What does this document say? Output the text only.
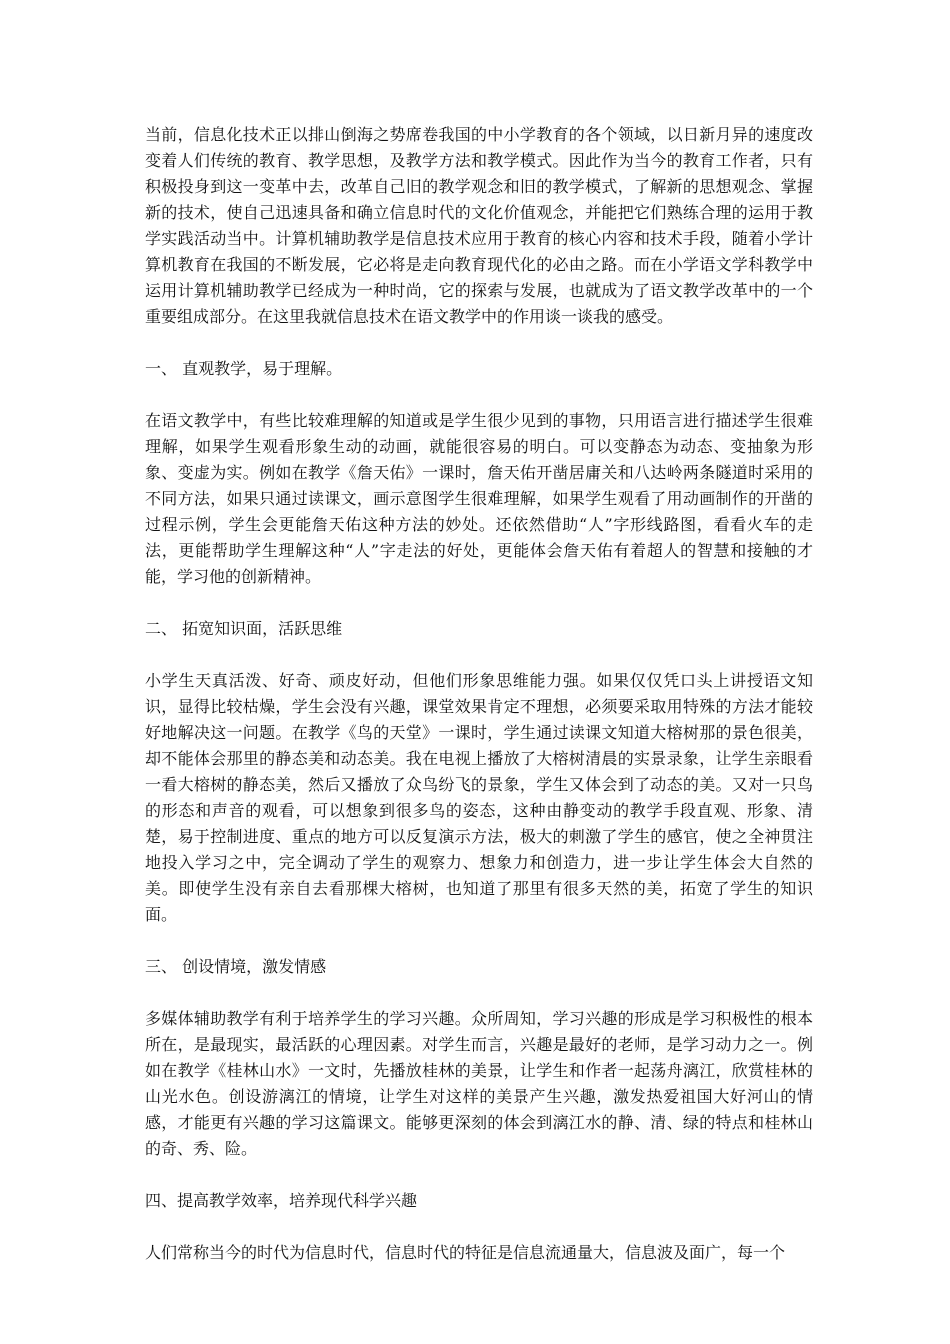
当前，信息化技术正以排山倒海之势席卷我国的中小学教育的各个领域，以日新月异的速度改变着人们传统的教育、教学思想，及教学方法和教学模式。因此作为当今的教育工作者，只有积极投身到这一变革中去，改革自己旧的教学观念和旧的教学模式，了解新的思想观念、掌握新的技术，使自己迅速具备和确立信息时代的文化价值观念，并能把它们熟练合理的运用于教学实践活动当中。计算机辅助教学是信息技术应用于教育的核心内容和技术手段，随着小学计算机教育在我国的不断发展，它必将是走向教育现代化的必由之路。而在小学语文学科教学中运用计算机辅助教学已经成为一种时尚，它的探索与发展，也就成为了语文教学改革中的一个重要组成部分。在这里我就信息技术在语文教学中的作用谈一谈我的感受。

一、 直观教学，易于理解。

在语文教学中，有些比较难理解的知道或是学生很少见到的事物，只用语言进行描述学生很难理解，如果学生观看形象生动的动画，就能很容易的明白。可以变静态为动态、变抽象为形象、变虚为实。例如在教学《詹天佑》一课时，詹天佑开凿居庸关和八达岭两条隧道时采用的不同方法，如果只通过读课文，画示意图学生很难理解，如果学生观看了用动画制作的开凿的过程示例，学生会更能詹天佑这种方法的妙处。还依然借助“人”字形线路图，看看火车的走法，更能帮助学生理解这种“人”字走法的好处，更能体会詹天佑有着超人的智慧和接触的才能，学习他的创新精神。

二、 拓宽知识面，活跃思维

小学生天真活泼、好奇、顽皮好动，但他们形象思维能力强。如果仅仅凭口头上讲授语文知识，显得比较枯燥，学生会没有兴趣，课堂效果肯定不理想，必须要采取用特殊的方法才能较好地解决这一问题。在教学《鸟的天堂》一课时，学生通过读课文知道大榕树那的景色很美，却不能体会那里的静态美和动态美。我在电视上播放了大榕树清晨的实景录象，让学生亲眼看一看大榕树的静态美，然后又播放了众鸟纷飞的景象，学生又体会到了动态的美。又对一只鸟的形态和声音的观看，可以想象到很多鸟的姿态，这种由静变动的教学手段直观、形象、清楚，易于控制进度、重点的地方可以反复演示方法，极大的刺激了学生的感官，使之全神贯注地投入学习之中，完全调动了学生的观察力、想象力和创造力，进一步让学生体会大自然的美。即使学生没有亲自去看那棵大榕树，也知道了那里有很多天然的美，拓宽了学生的知识面。

三、 创设情境，激发情感

多媒体辅助教学有利于培养学生的学习兴趣。众所周知，学习兴趣的形成是学习积极性的根本所在，是最现实，最活跃的心理因素。对学生而言，兴趣是最好的老师，是学习动力之一。例如在教学《桂林山水》一文时，先播放桂林的美景，让学生和作者一起荡舟漓江，欣赏桂林的山光水色。创设游漓江的情境，让学生对这样的美景产生兴趣，激发热爱祖国大好河山的情感，才能更有兴趣的学习这篇课文。能够更深刻的体会到漓江水的静、清、绿的特点和桂林山的奇、秀、险。

四、提高教学效率，培养现代科学兴趣

人们常称当今的时代为信息时代，信息时代的特征是信息流通量大，信息波及面广，每一个
